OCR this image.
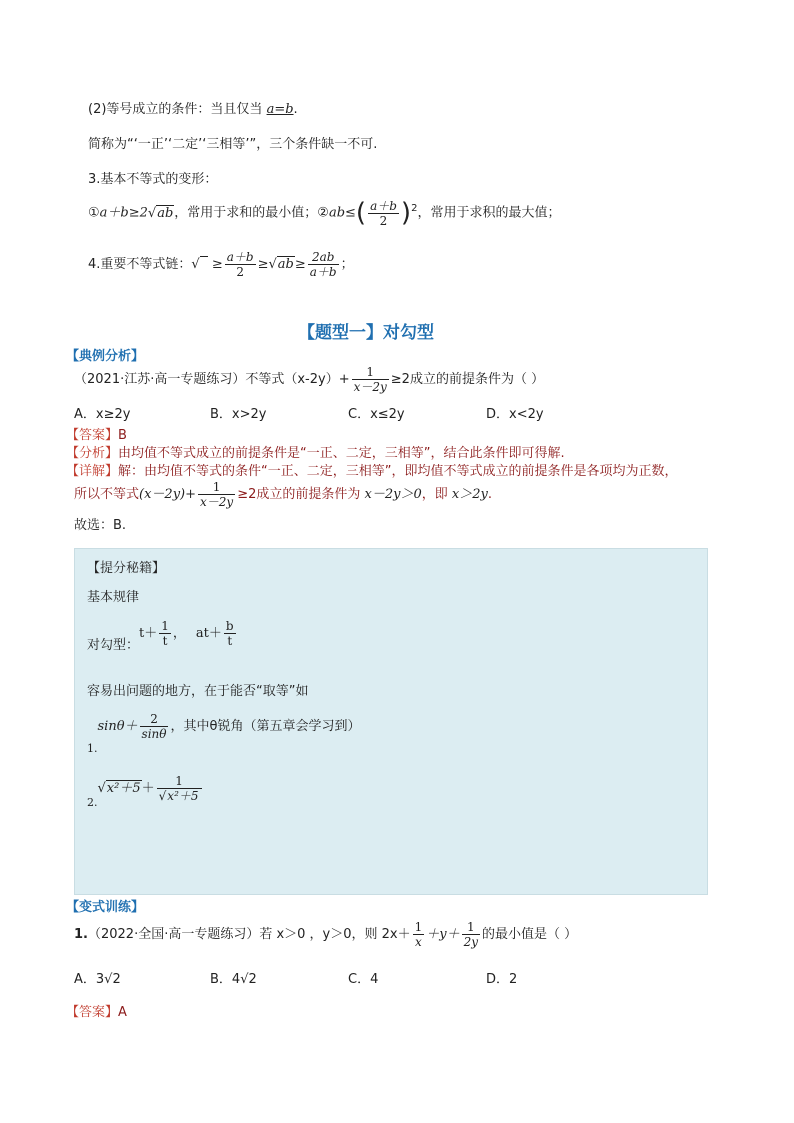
(2)等号成立的条件：当且仅当 a=b.
简称为“‘一正’‘二定’‘三相等’”，三个条件缺一不可.
3.基本不等式的变形：
①a＋b≥2√ab，常用于求和的最小值；②ab≤( $\frac{a+b}{2} )^2$，常用于求积的最大值；
4.重要不等式链：√  ≥ $\frac{a+b}{2} \ge√ab\ge \frac{2ab}{a+b}$ ；
【题型一】对勾型
【典例分析】
（2021·江苏·高一专题练习）不等式$(x-2y)+ \frac{1}{x-2y} \ge 2$成立的前提条件为（ ）
A．x≥2y	B．x>2y	C．x≤2y	D．x<2y
【答案】B
【分析】由均值不等式成立的前提条件是“一正、二定，三相等”，结合此条件即可得解.
【详解】解：由均值不等式的条件“一正、二定，三相等”，即均值不等式成立的前提条件是各项均为正数，
所以不等式$(x-2y)+ \frac{1}{x-2y} \ge 2$成立的前提条件为 x－2y＞0，即 x＞2y.
故选：B.
【提分秘籍】
基本规律
对勾型：$t+ \frac{1}{t}$ ， $at+ \frac{b}{t}$
容易出问题的地方，在于能否“取等”如
$_{1.}\sin\theta+ \frac{2}{\sin\theta}$ ，其中θ锐角（第五章会学习到）
$_{2.}√x^2+5+ \frac{1}{\text{√x²＋5}}$
【变式训练】
1.（2022·全国·高一专题练习）若 x＞0 ，y＞0，则 $2x+ \frac{1}{x} +y+ \frac{1}{2y}$ 的最小值是（ ）
A．3√2	B．4√2	C．4	D．2
【答案】A
